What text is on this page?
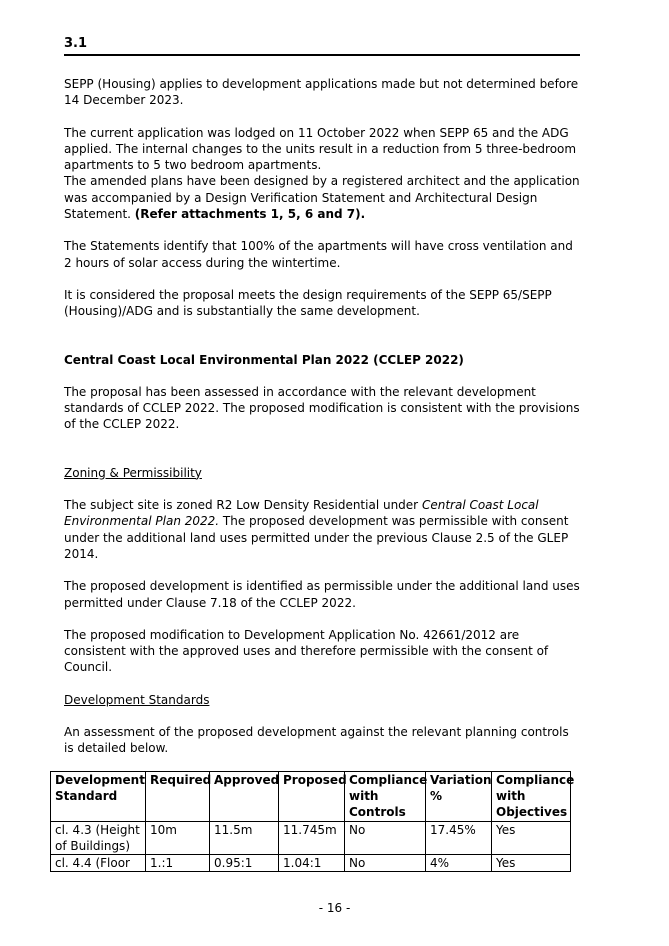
3.1

SEPP (Housing) applies to development applications made but not determined before 14 December 2023.

The current application was lodged on 11 October 2022 when SEPP 65 and the ADG applied. The internal changes to the units result in a reduction from 5 three-bedroom apartments to 5 two bedroom apartments.

The amended plans have been designed by a registered architect and the application was accompanied by a Design Verification Statement and Architectural Design Statement. (Refer attachments 1, 5, 6 and 7).

The Statements identify that 100% of the apartments will have cross ventilation and 2 hours of solar access during the wintertime.

It is considered the proposal meets the design requirements of the SEPP 65/SEPP (Housing)/ADG and is substantially the same development.

Central Coast Local Environmental Plan 2022 (CCLEP 2022)

The proposal has been assessed in accordance with the relevant development standards of CCLEP 2022. The proposed modification is consistent with the provisions of the CCLEP 2022.

Zoning & Permissibility

The subject site is zoned R2 Low Density Residential under Central Coast Local Environmental Plan 2022. The proposed development was permissible with consent under the additional land uses permitted under the previous Clause 2.5 of the GLEP 2014.

The proposed development is identified as permissible under the additional land uses permitted under Clause 7.18 of the CCLEP 2022.

The proposed modification to Development Application No. 42661/2012 are consistent with the approved uses and therefore permissible with the consent of Council.

Development Standards

An assessment of the proposed development against the relevant planning controls is detailed below.

Development Standard	Required	Approved	Proposed	Compliance with Controls	Variation %	Compliance with Objectives
cl. 4.3 (Height of Buildings)	10m	11.5m	11.745m	No	17.45%	Yes
cl. 4.4 (Floor	1.:1	0.95:1	1.04:1	No	4%	Yes
- 16 -
